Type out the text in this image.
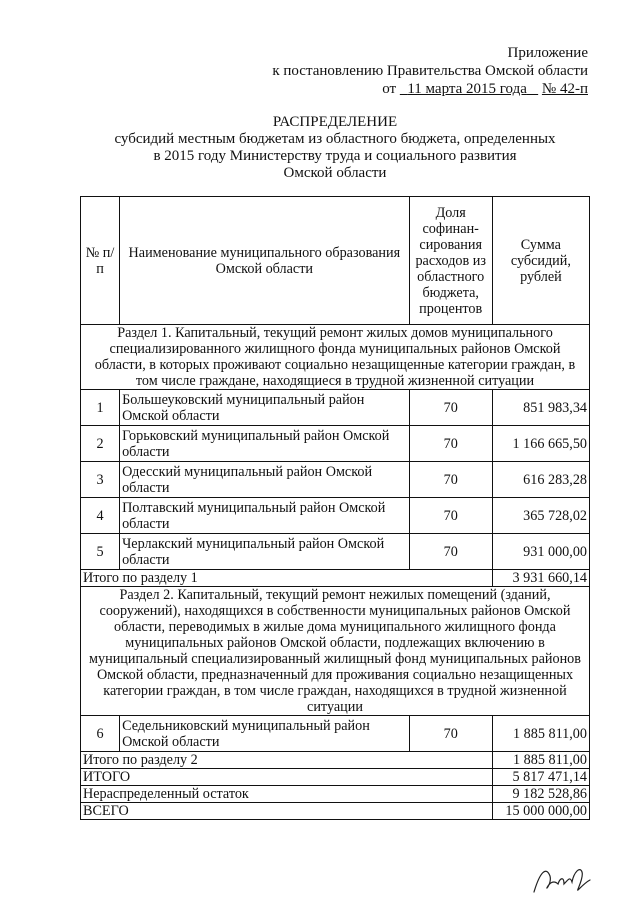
Приложение
к постановлению Правительства Омской области
от 11 марта 2015 года № 42-п
РАСПРЕДЕЛЕНИЕ
субсидий местным бюджетам из областного бюджета, определенных
в 2015 году Министерству труда и социального развития
Омской области
№ п/п	Наименование муниципального образования Омской области	Доля софинан-сирования расходов из областного бюджета, процентов	Сумма субсидий, рублей
Раздел 1. Капитальный, текущий ремонт жилых домов муниципального специализированного жилищного фонда муниципальных районов Омской области, в которых проживают социально незащищенные категории граждан, в том числе граждане, находящиеся в трудной жизненной ситуации			
1	Большеуковский муниципальный район Омской области	70	851 983,34
2	Горьковский муниципальный район Омской области	70	1 166 665,50
3	Одесский муниципальный район Омской области	70	616 283,28
4	Полтавский муниципальный район Омской области	70	365 728,02
5	Черлакский муниципальный район Омской области	70	931 000,00
Итого по разделу 1			3 931 660,14
Раздел 2. Капитальный, текущий ремонт нежилых помещений (зданий, сооружений), находящихся в собственности муниципальных районов Омской области, переводимых в жилые дома муниципального жилищного фонда муниципальных районов Омской области, подлежащих включению в муниципальный специализированный жилищный фонд муниципальных районов Омской области, предназначенный для проживания социально незащищенных категории граждан, в том числе граждан, находящихся в трудной жизненной ситуации			
6	Седельниковский муниципальный район Омской области	70	1 885 811,00
Итого по разделу 2			1 885 811,00
ИТОГО			5 817 471,14
Нераспределенный остаток			9 182 528,86
ВСЕГО			15 000 000,00
